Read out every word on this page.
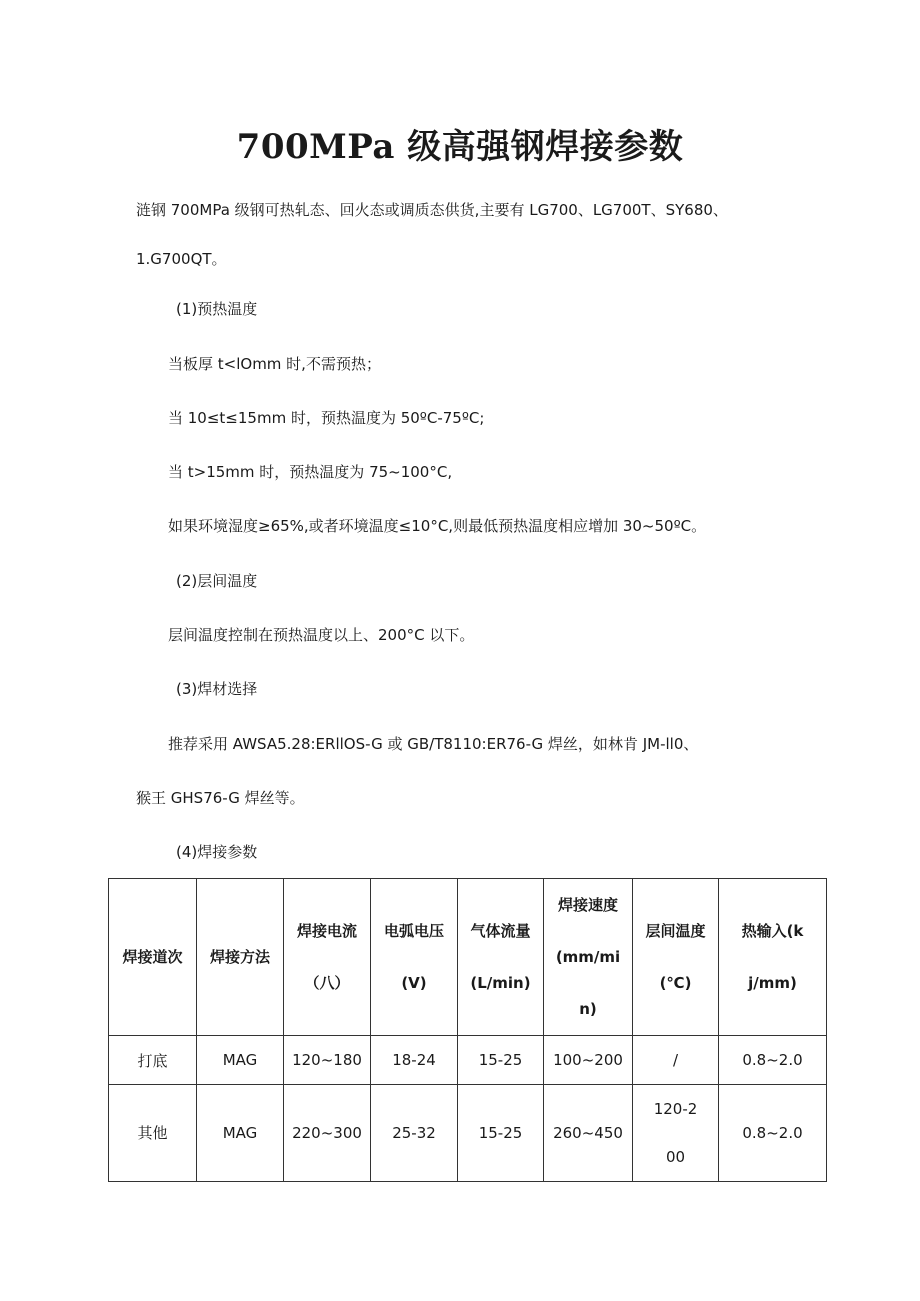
700MPa 级高强钢焊接参数
涟钢 700MPa 级钢可热轧态、回火态或调质态供货,主要有 LG700、LG700T、SY680、
1.G700QT。
(1)预热温度
当板厚 t<lOmm 时,不需预热；
当 10≤t≤15mm 时，预热温度为 50ºC-75ºC;
当 t>15mm 时，预热温度为 75~100°C,
如果环境湿度≥65%,或者环境温度≤10°C,则最低预热温度相应增加 30~50ºC。
(2)层间温度
层间温度控制在预热温度以上、200°C 以下。
(3)焊材选择
推荐采用 AWSA5.28:ERllOS-G 或 GB/T8110:ER76-G 焊丝，如林肯 JM-ll0、
猴王 GHS76-G 焊丝等。
(4)焊接参数
焊接道次	焊接方法	焊接电流（八）	电弧电压(V)	气体流量(L/min)	焊接速度(mm/min)	层间温度(℃)	热输入(kj/mm)
打底	MAG	120~180	18-24	15-25	100~200	/	0.8~2.0
其他	MAG	220~300	25-32	15-25	260~450	120-200	0.8~2.0
